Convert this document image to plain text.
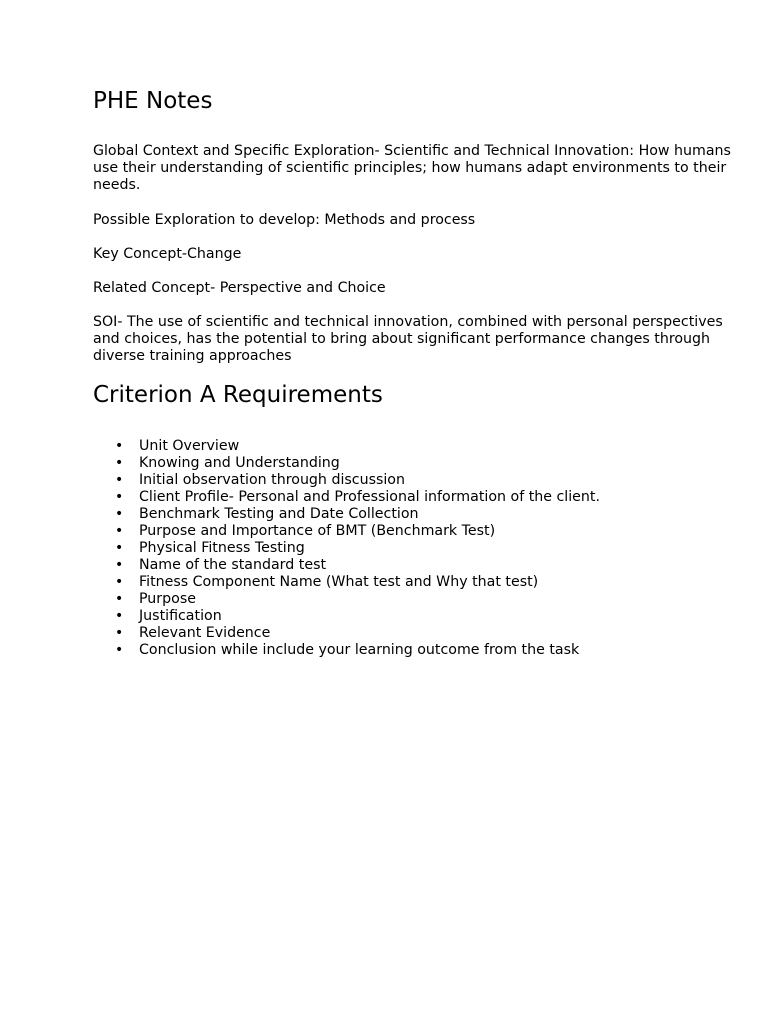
PHE Notes

Global Context and Specific Exploration- Scientific and Technical Innovation: How humans use their understanding of scientific principles; how humans adapt environments to their needs.

Possible Exploration to develop: Methods and process

Key Concept-Change

Related Concept- Perspective and Choice

SOI- The use of scientific and technical innovation, combined with personal perspectives and choices, has the potential to bring about significant performance changes through diverse training approaches

Criterion A Requirements
• Unit Overview
• Knowing and Understanding
• Initial observation through discussion
• Client Profile- Personal and Professional information of the client.
• Benchmark Testing and Date Collection
• Purpose and Importance of BMT (Benchmark Test)
• Physical Fitness Testing
• Name of the standard test
• Fitness Component Name (What test and Why that test)
• Purpose
• Justification
• Relevant Evidence
• Conclusion while include your learning outcome from the task
